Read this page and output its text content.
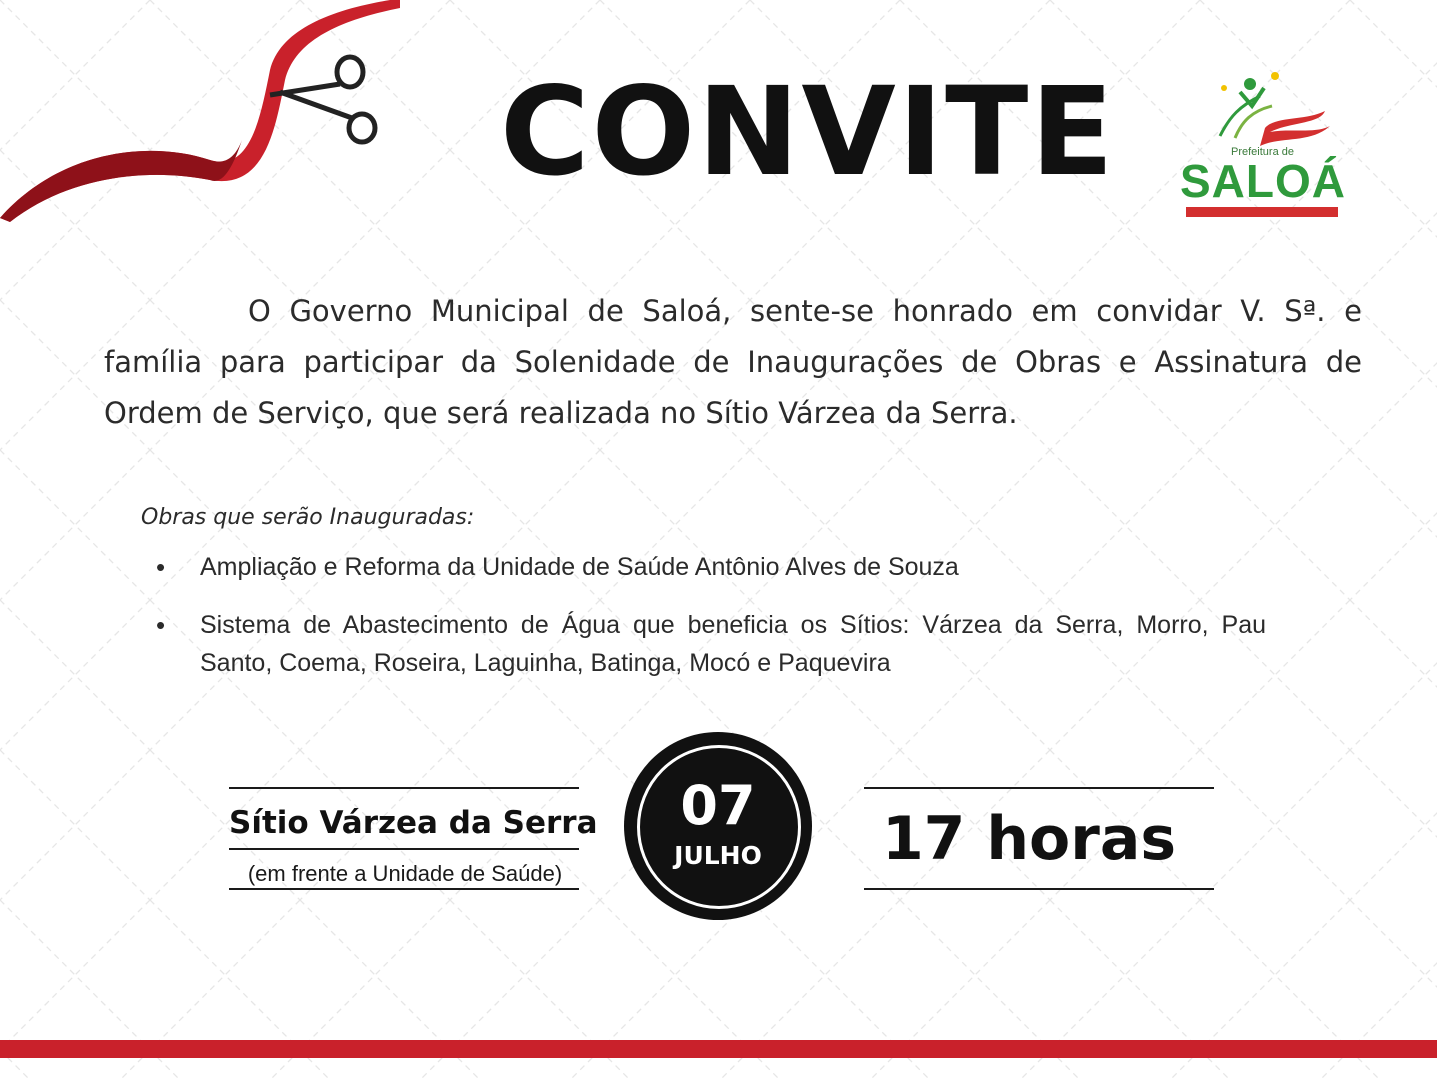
CONVITE	Prefeitura de

SALOÁ

O Governo Municipal de Saloá, sente-se honrado em convidar V. Sª. e família para participar da Solenidade de Inaugurações de Obras e Assinatura de Ordem de Serviço, que será realizada no Sítio Várzea da Serra.

Obras que serão Inauguradas:

• Ampliação e Reforma da Unidade de Saúde Antônio Alves de Souza
• Sistema de Abastecimento de Água que beneficia os Sítios: Várzea da Serra, Morro, Pau Santo, Coema, Roseira, Laguinha, Batinga, Mocó e Paquevira

Sítio Várzea da Serra

(em frente a Unidade de Saúde)

07

JULHO	17 horas
